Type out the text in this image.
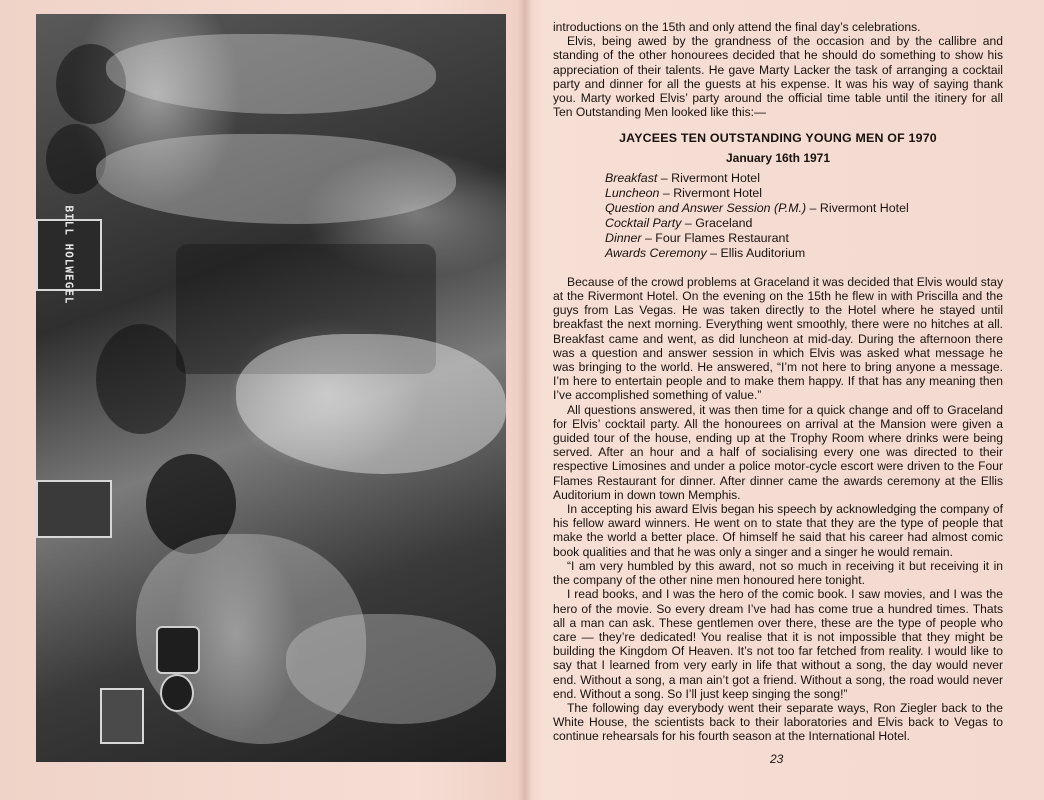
BILL HOLWEGEL

introductions on the 15th and only attend the final day’s celebrations.

Elvis, being awed by the grandness of the occasion and by the callibre and standing of the other honourees decided that he should do something to show his appreciation of their talents. He gave Marty Lacker the task of arranging a cocktail party and dinner for all the guests at his expense. It was his way of saying thank you. Marty worked Elvis’ party around the official time table until the itinery for all Ten Outstanding Men looked like this:—

JAYCEES TEN OUTSTANDING YOUNG MEN OF 1970
January 16th 1971
Breakfast – Rivermont Hotel
Luncheon – Rivermont Hotel
Question and Answer Session (P.M.) – Rivermont Hotel
Cocktail Party – Graceland
Dinner – Four Flames Restaurant
Awards Ceremony – Ellis Auditorium

Because of the crowd problems at Graceland it was decided that Elvis would stay at the Rivermont Hotel. On the evening on the 15th he flew in with Priscilla and the guys from Las Vegas. He was taken directly to the Hotel where he stayed until breakfast the next morning. Everything went smoothly, there were no hitches at all. Breakfast came and went, as did luncheon at mid-day. During the afternoon there was a question and answer session in which Elvis was asked what message he was bringing to the world. He answered, “I’m not here to bring anyone a message. I’m here to entertain people and to make them happy. If that has any meaning then I’ve accomplished something of value.”

All questions answered, it was then time for a quick change and off to Graceland for Elvis’ cocktail party. All the honourees on arrival at the Mansion were given a guided tour of the house, ending up at the Trophy Room where drinks were being served. After an hour and a half of socialising every one was directed to their respective Limosines and under a police motor-cycle escort were driven to the Four Flames Restaurant for dinner. After dinner came the awards ceremony at the Ellis Auditorium in down town Memphis.

In accepting his award Elvis began his speech by acknowledging the company of his fellow award winners. He went on to state that they are the type of people that make the world a better place. Of himself he said that his career had almost comic book qualities and that he was only a singer and a singer he would remain.

“I am very humbled by this award, not so much in receiving it but receiving it in the company of the other nine men honoured here tonight.

I read books, and I was the hero of the comic book. I saw movies, and I was the hero of the movie. So every dream I’ve had has come true a hundred times. Thats all a man can ask. These gentlemen over there, these are the type of people who care — they’re dedicated! You realise that it is not impossible that they might be building the Kingdom Of Heaven. It’s not too far fetched from reality. I would like to say that I learned from very early in life that without a song, the day would never end. Without a song, a man ain’t got a friend. Without a song, the road would never end. Without a song. So I’ll just keep singing the song!”

The following day everybody went their separate ways, Ron Ziegler back to the White House, the scientists back to their laboratories and Elvis back to Vegas to continue rehearsals for his fourth season at the International Hotel.

23
